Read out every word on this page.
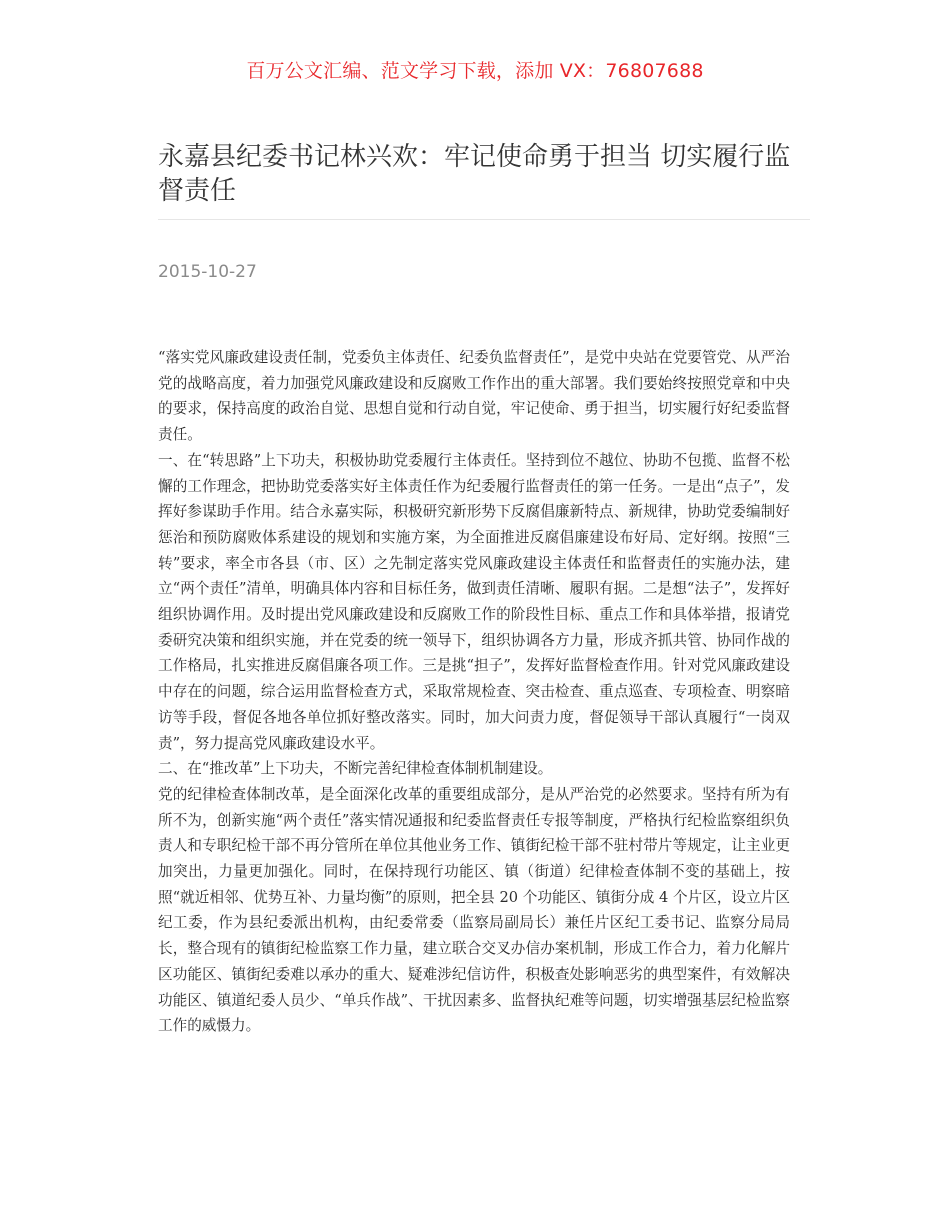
百万公文汇编、范文学习下载，添加 VX：76807688
永嘉县纪委书记林兴欢：牢记使命勇于担当 切实履行监督责任
2015-10-27

“落实党风廉政建设责任制，党委负主体责任、纪委负监督责任”，是党中央站在党要管党、从严治党的战略高度，着力加强党风廉政建设和反腐败工作作出的重大部署。我们要始终按照党章和中央的要求，保持高度的政治自觉、思想自觉和行动自觉，牢记使命、勇于担当，切实履行好纪委监督责任。

一、在“转思路”上下功夫，积极协助党委履行主体责任。坚持到位不越位、协助不包揽、监督不松懈的工作理念，把协助党委落实好主体责任作为纪委履行监督责任的第一任务。一是出“点子”，发挥好参谋助手作用。结合永嘉实际，积极研究新形势下反腐倡廉新特点、新规律，协助党委编制好惩治和预防腐败体系建设的规划和实施方案，为全面推进反腐倡廉建设布好局、定好纲。按照“三转”要求，率全市各县（市、区）之先制定落实党风廉政建设主体责任和监督责任的实施办法，建立“两个责任”清单，明确具体内容和目标任务，做到责任清晰、履职有据。二是想“法子”，发挥好组织协调作用。及时提出党风廉政建设和反腐败工作的阶段性目标、重点工作和具体举措，报请党委研究决策和组织实施，并在党委的统一领导下，组织协调各方力量，形成齐抓共管、协同作战的工作格局，扎实推进反腐倡廉各项工作。三是挑“担子”，发挥好监督检查作用。针对党风廉政建设中存在的问题，综合运用监督检查方式，采取常规检查、突击检查、重点巡查、专项检查、明察暗访等手段，督促各地各单位抓好整改落实。同时，加大问责力度，督促领导干部认真履行“一岗双责”，努力提高党风廉政建设水平。

二、在“推改革”上下功夫，不断完善纪律检查体制机制建设。

党的纪律检查体制改革，是全面深化改革的重要组成部分，是从严治党的必然要求。坚持有所为有所不为，创新实施“两个责任”落实情况通报和纪委监督责任专报等制度，严格执行纪检监察组织负责人和专职纪检干部不再分管所在单位其他业务工作、镇街纪检干部不驻村带片等规定，让主业更加突出，力量更加强化。同时，在保持现行功能区、镇（街道）纪律检查体制不变的基础上，按照“就近相邻、优势互补、力量均衡”的原则，把全县 20 个功能区、镇街分成 4 个片区，设立片区纪工委，作为县纪委派出机构，由纪委常委（监察局副局长）兼任片区纪工委书记、监察分局局长，整合现有的镇街纪检监察工作力量，建立联合交叉办信办案机制，形成工作合力，着力化解片区功能区、镇街纪委难以承办的重大、疑难涉纪信访件，积极查处影响恶劣的典型案件，有效解决功能区、镇道纪委人员少、“单兵作战”、干扰因素多、监督执纪难等问题，切实增强基层纪检监察工作的威慑力。
